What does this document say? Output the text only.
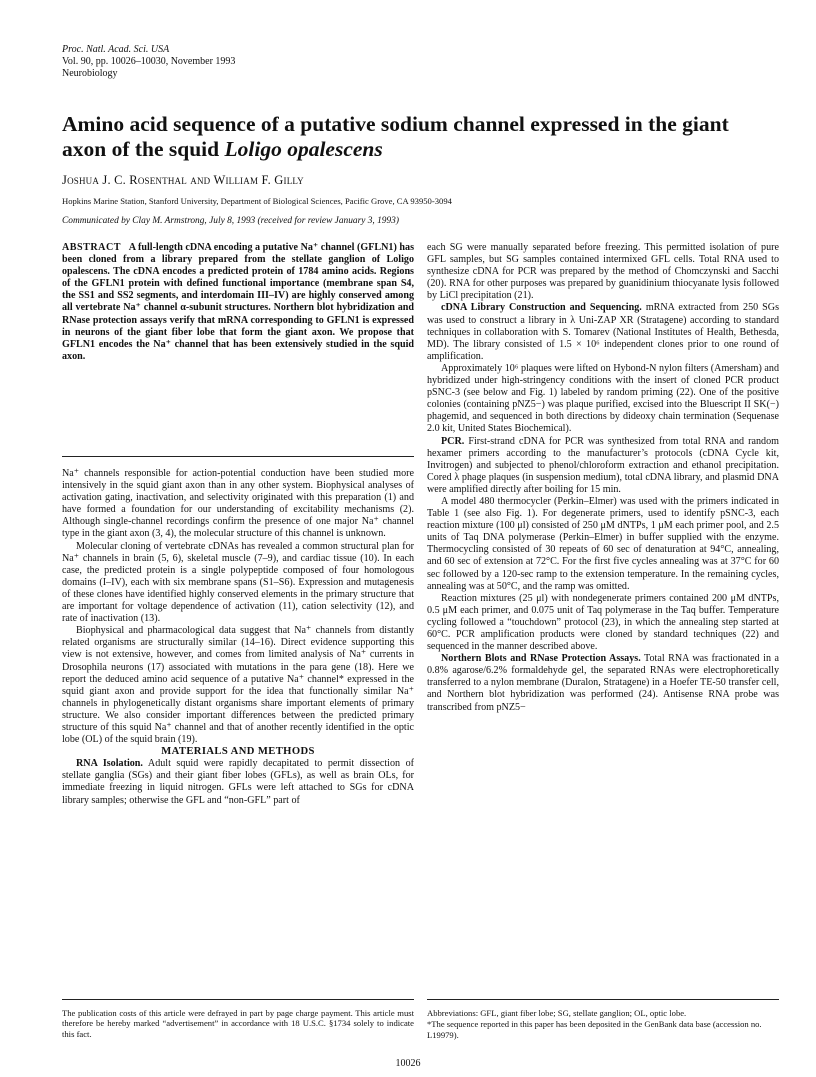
Proc. Natl. Acad. Sci. USA
Vol. 90, pp. 10026–10030, November 1993
Neurobiology
Amino acid sequence of a putative sodium channel expressed in the giant axon of the squid Loligo opalescens
Joshua J. C. Rosenthal and William F. Gilly
Hopkins Marine Station, Stanford University, Department of Biological Sciences, Pacific Grove, CA 93950-3094
Communicated by Clay M. Armstrong, July 8, 1993 (received for review January 3, 1993)
ABSTRACT A full-length cDNA encoding a putative Na⁺ channel (GFLN1) has been cloned from a library prepared from the stellate ganglion of Loligo opalescens. The cDNA encodes a predicted protein of 1784 amino acids. Regions of the GFLN1 protein with defined functional importance (membrane span S4, the SS1 and SS2 segments, and interdomain III–IV) are highly conserved among all vertebrate Na⁺ channel α-subunit structures. Northern blot hybridization and RNase protection assays verify that mRNA corresponding to GFLN1 is expressed in neurons of the giant fiber lobe that form the giant axon. We propose that GFLN1 encodes the Na⁺ channel that has been extensively studied in the squid axon.

Na⁺ channels responsible for action-potential conduction have been studied more intensively in the squid giant axon than in any other system. Biophysical analyses of activation gating, inactivation, and selectivity originated with this preparation (1) and have formed a foundation for our understanding of excitability mechanisms (2). Although single-channel recordings confirm the presence of one major Na⁺ channel type in the giant axon (3, 4), the molecular structure of this channel is unknown.

Molecular cloning of vertebrate cDNAs has revealed a common structural plan for Na⁺ channels in brain (5, 6), skeletal muscle (7–9), and cardiac tissue (10). In each case, the predicted protein is a single polypeptide composed of four homologous domains (I–IV), each with six membrane spans (S1–S6). Expression and mutagenesis of these clones have identified highly conserved elements in the primary structure that are important for voltage dependence of activation (11), cation selectivity (12), and rate of inactivation (13).

Biophysical and pharmacological data suggest that Na⁺ channels from distantly related organisms are structurally similar (14–16). Direct evidence supporting this view is not extensive, however, and comes from limited analysis of Na⁺ currents in Drosophila neurons (17) associated with mutations in the para gene (18). Here we report the deduced amino acid sequence of a putative Na⁺ channel* expressed in the squid giant axon and provide support for the idea that functionally similar Na⁺ channels in phylogenetically distant organisms share important elements of primary structure. We also consider important differences between the predicted primary structure of this squid Na⁺ channel and that of another recently identified in the optic lobe (OL) of the squid brain (19).

MATERIALS AND METHODS

RNA Isolation. Adult squid were rapidly decapitated to permit dissection of stellate ganglia (SGs) and their giant fiber lobes (GFLs), as well as brain OLs, for immediate freezing in liquid nitrogen. GFLs were left attached to SGs for cDNA library samples; otherwise the GFL and “non-GFL” part of

each SG were manually separated before freezing. This permitted isolation of pure GFL samples, but SG samples contained intermixed GFL cells. Total RNA used to synthesize cDNA for PCR was prepared by the method of Chomczynski and Sacchi (20). RNA for other purposes was prepared by guanidinium thiocyanate lysis followed by LiCl precipitation (21).

cDNA Library Construction and Sequencing. mRNA extracted from 250 SGs was used to construct a library in λ Uni-ZAP XR (Stratagene) according to standard techniques in collaboration with S. Tomarev (National Institutes of Health, Bethesda, MD). The library consisted of 1.5 × 10⁶ independent clones prior to one round of amplification.

Approximately 10⁶ plaques were lifted on Hybond-N nylon filters (Amersham) and hybridized under high-stringency conditions with the insert of cloned PCR product pSNC-3 (see below and Fig. 1) labeled by random priming (22). One of the positive colonies (containing pNZ5−) was plaque purified, excised into the Bluescript II SK(−) phagemid, and sequenced in both directions by dideoxy chain termination (Sequenase 2.0 kit, United States Biochemical).

PCR. First-strand cDNA for PCR was synthesized from total RNA and random hexamer primers according to the manufacturer’s protocols (cDNA Cycle kit, Invitrogen) and subjected to phenol/chloroform extraction and ethanol precipitation. Cored λ phage plaques (in suspension medium), total cDNA library, and plasmid DNA were amplified directly after boiling for 15 min.

A model 480 thermocycler (Perkin–Elmer) was used with the primers indicated in Table 1 (see also Fig. 1). For degenerate primers, used to identify pSNC-3, each reaction mixture (100 μl) consisted of 250 μM dNTPs, 1 μM each primer pool, and 2.5 units of Taq DNA polymerase (Perkin–Elmer) in buffer supplied with the enzyme. Thermocycling consisted of 30 repeats of 60 sec of denaturation at 94°C, annealing, and 60 sec of extension at 72°C. For the first five cycles annealing was at 37°C for 60 sec followed by a 120-sec ramp to the extension temperature. In the remaining cycles, annealing was at 50°C, and the ramp was omitted.

Reaction mixtures (25 μl) with nondegenerate primers contained 200 μM dNTPs, 0.5 μM each primer, and 0.075 unit of Taq polymerase in the Taq buffer. Temperature cycling followed a “touchdown” protocol (23), in which the annealing step started at 60°C. PCR amplification products were cloned by standard techniques (22) and sequenced in the manner described above.

Northern Blots and RNase Protection Assays. Total RNA was fractionated in a 0.8% agarose/6.2% formaldehyde gel, the separated RNAs were electrophoretically transferred to a nylon membrane (Duralon, Stratagene) in a Hoefer TE-50 transfer cell, and Northern blot hybridization was performed (24). Antisense RNA probe was transcribed from pNZ5−

The publication costs of this article were defrayed in part by page charge payment. This article must therefore be hereby marked “advertisement” in accordance with 18 U.S.C. §1734 solely to indicate this fact.

Abbreviations: GFL, giant fiber lobe; SG, stellate ganglion; OL, optic lobe.

*The sequence reported in this paper has been deposited in the GenBank data base (accession no. L19979).

10026
